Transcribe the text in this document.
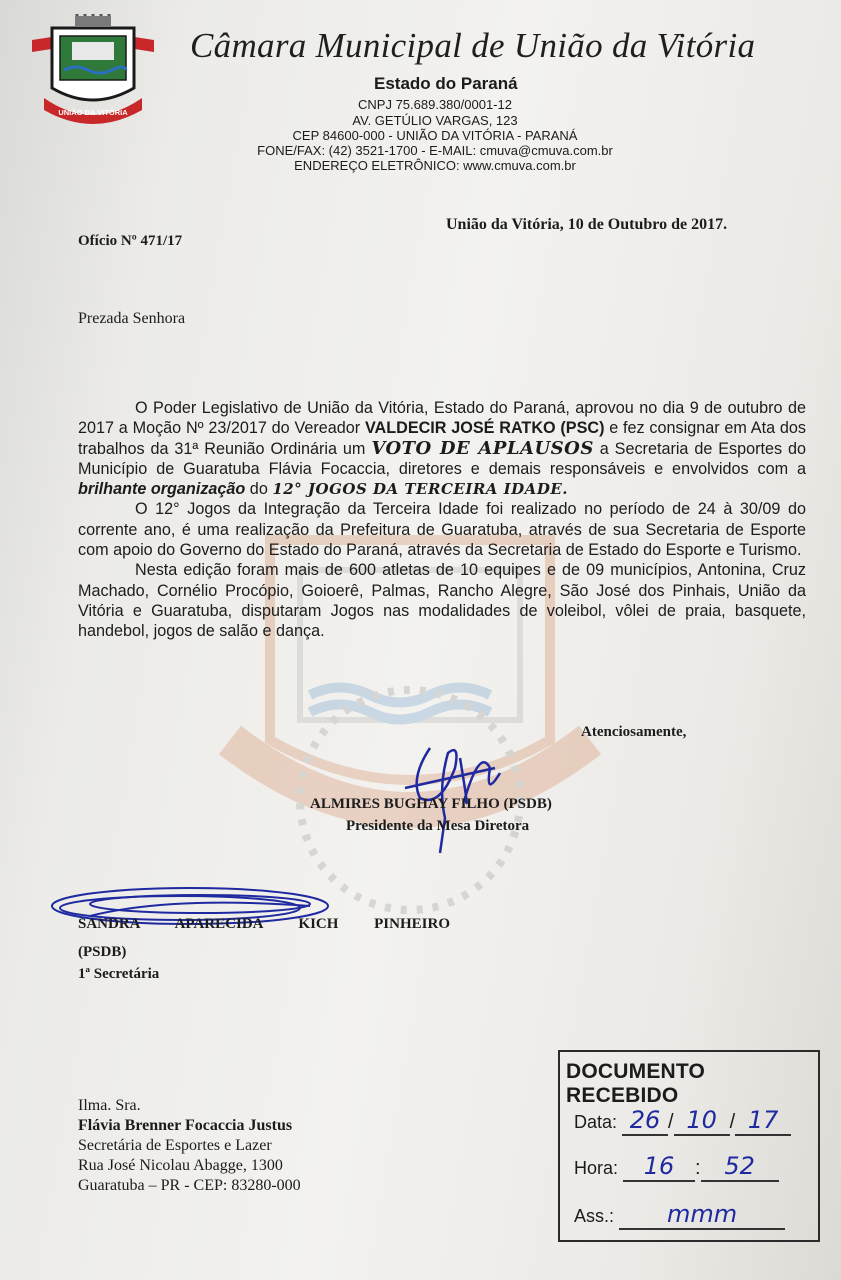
UNIÃO DA VITÓRIA
Câmara Municipal de União da Vitória
Estado do Paraná
CNPJ 75.689.380/0001-12
AV. GETÚLIO VARGAS, 123
CEP 84600-000 - UNIÃO DA VITÓRIA - PARANÁ
FONE/FAX: (42) 3521-1700 - E-MAIL: cmuva@cmuva.com.br
ENDEREÇO ELETRÔNICO: www.cmuva.com.br
União da Vitória, 10 de Outubro de 2017.
Ofício Nº 471/17
Prezada Senhora

O Poder Legislativo de União da Vitória, Estado do Paraná, aprovou no dia 9 de outubro de 2017 a Moção Nº 23/2017 do Vereador VALDECIR JOSÉ RATKO (PSC) e fez consignar em Ata dos trabalhos da 31ª Reunião Ordinária um VOTO DE APLAUSOS a Secretaria de Esportes do Município de Guaratuba Flávia Focaccia, diretores e demais responsáveis e envolvidos com a brilhante organização do 12° JOGOS DA TERCEIRA IDADE.

O 12° Jogos da Integração da Terceira Idade foi realizado no período de 24 à 30/09 do corrente ano, é uma realização da Prefeitura de Guaratuba, através de sua Secretaria de Esporte com apoio do Governo do Estado do Paraná, através da Secretaria de Estado do Esporte e Turismo.

Nesta edição foram mais de 600 atletas de 10 equipes e de 09 municípios, Antonina, Cruz Machado, Cornélio Procópio, Goioerê, Palmas, Rancho Alegre, São José dos Pinhais, União da Vitória e Guaratuba, disputaram Jogos nas modalidades de voleibol, vôlei de praia, basquete, handebol, jogos de salão e dança.

Atenciosamente,
ALMIRES BUGHAY FILHO (PSDB)
Presidente da Mesa Diretora
SANDRA APARECIDA KICH PINHEIRO
(PSDB)
1ª Secretária
Ilma. Sra.
Flávia Brenner Focaccia Justus
Secretária de Esportes e Lazer
Rua José Nicolau Abagge, 1300
Guaratuba – PR - CEP: 83280-000
DOCUMENTO RECEBIDO
Data: 26 / 10 / 17
Hora: 16 : 52
Ass.: mmm
